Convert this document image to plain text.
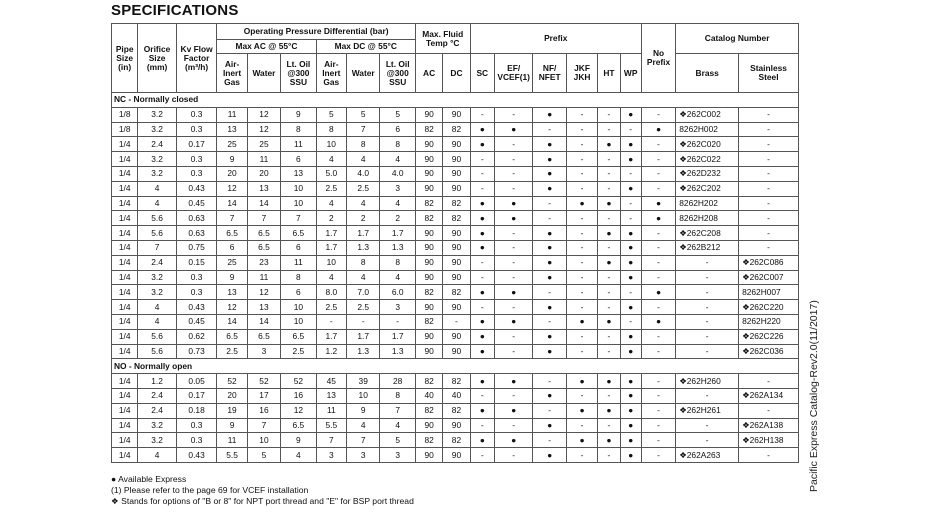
SPECIFICATIONS
Pipe Size (in)	Orifice Size (mm)	Kv Flow Factor (m³/h)	Operating Pressure Differential (bar)						Max. Fluid Temp °C		Prefix						No Prefix	Catalog Number	
			Max AC @ 55°C			Max DC @ 55°C													
			Air-Inert Gas	Water	Lt. Oil @300 SSU	Air-Inert Gas	Water	Lt. Oil @300 SSU	AC	DC	SC	EF/ VCEF(1)	NF/ NFET	JKF JKH	HT	WP		Brass	Stainless Steel
NC - Normally closed																			
1/8	3.2	0.3	11	12	9	5	5	5	90	90	-	-	●	-	-	●	-	❖262C002	-
1/8	3.2	0.3	13	12	8	8	7	6	82	82	●	●	-	-	-	-	●	8262H002	-
1/4	2.4	0.17	25	25	11	10	8	8	90	90	●	-	●	-	●	●	-	❖262C020	-
1/4	3.2	0.3	9	11	6	4	4	4	90	90	-	-	●	-	-	●	-	❖262C022	-
1/4	3.2	0.3	20	20	13	5.0	4.0	4.0	90	90	-	-	●	-	-	-	-	❖262D232	-
1/4	4	0.43	12	13	10	2.5	2.5	3	90	90	-	-	●	-	-	●	-	❖262C202	-
1/4	4	0.45	14	14	10	4	4	4	82	82	●	●	-	●	●	-	●	8262H202	-
1/4	5.6	0.63	7	7	7	2	2	2	82	82	●	●	-	-	-	-	●	8262H208	-
1/4	5.6	0.63	6.5	6.5	6.5	1.7	1.7	1.7	90	90	●	-	●	-	●	●	-	❖262C208	-
1/4	7	0.75	6	6.5	6	1.7	1.3	1.3	90	90	●	-	●	-	-	●	-	❖262B212	-
1/4	2.4	0.15	25	23	11	10	8	8	90	90	-	-	●	-	●	●	-	-	❖262C086
1/4	3.2	0.3	9	11	8	4	4	4	90	90	-	-	●	-	-	●	-	-	❖262C007
1/4	3.2	0.3	13	12	6	8.0	7.0	6.0	82	82	●	●	-	-	-	-	●	-	8262H007
1/4	4	0.43	12	13	10	2.5	2.5	3	90	90	-	-	●	-	-	●	-	-	❖262C220
1/4	4	0.45	14	14	10	-	-	-	82	-	●	●	-	●	●	-	●	-	8262H220
1/4	5.6	0.62	6.5	6.5	6.5	1.7	1.7	1.7	90	90	●	-	●	-	-	●	-	-	❖262C226
1/4	5.6	0.73	2.5	3	2.5	1.2	1.3	1.3	90	90	●	-	●	-	-	●	-	-	❖262C036
NO - Normally open																			
1/4	1.2	0.05	52	52	52	45	39	28	82	82	●	●	-	●	●	●	-	❖262H260	-
1/4	2.4	0.17	20	17	16	13	10	8	40	40	-	-	●	-	-	●	-	-	❖262A134
1/4	2.4	0.18	19	16	12	11	9	7	82	82	●	●	-	●	●	●	-	❖262H261	-
1/4	3.2	0.3	9	7	6.5	5.5	4	4	90	90	-	-	●	-	-	●	-	-	❖262A138
1/4	3.2	0.3	11	10	9	7	7	5	82	82	●	●	-	●	●	●	-	-	❖262H138
1/4	4	0.43	5.5	5	4	3	3	3	90	90	-	-	●	-	-	●	-	❖262A263	-
● Available Express
(1) Please refer to the page 69 for VCEF installation
❖ Stands for options of "B or 8" for NPT port thread and "E" for BSP port thread
Pacific Express Catalog-Rev2.0(11/2017)
